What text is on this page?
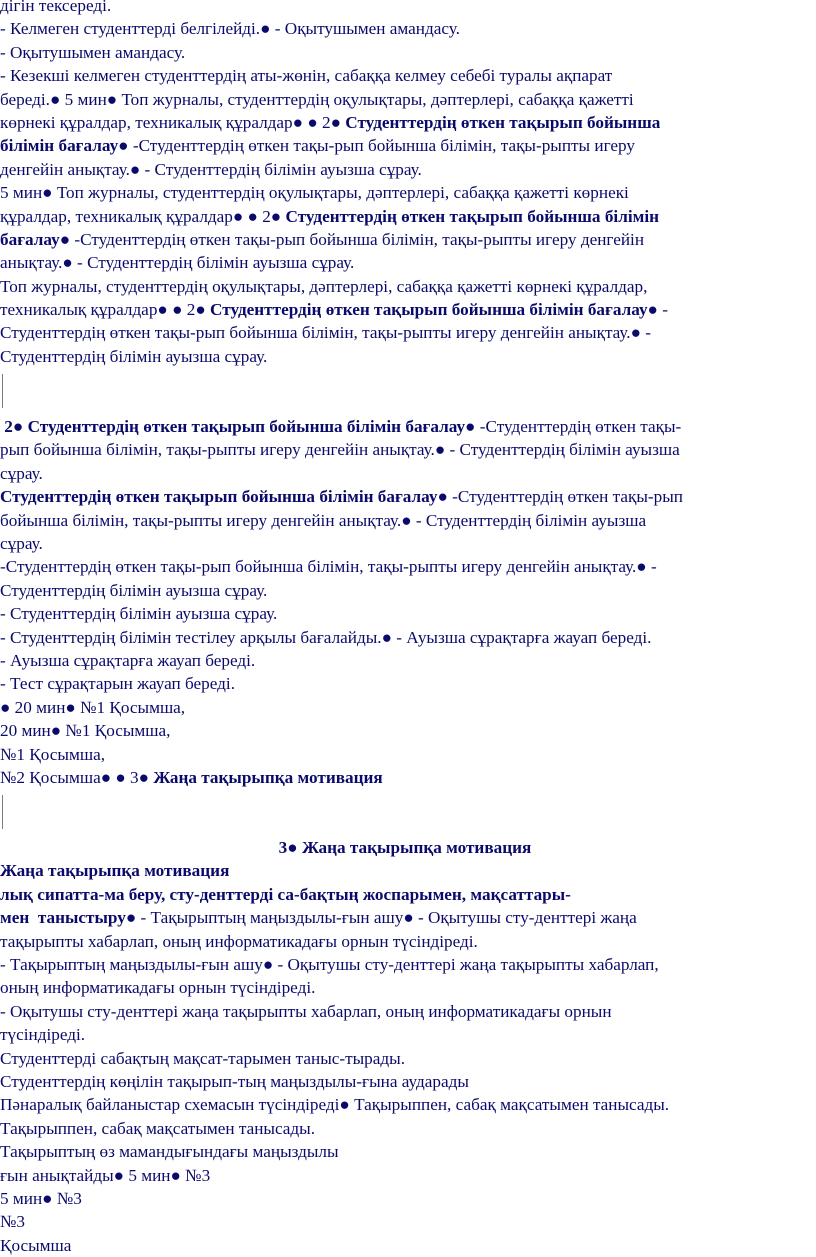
дігін тексереді.
- Келмеген студенттерді белгілейді.● - Оқытушымен амандасу.
- Оқытушымен амандасу.
- Кезекші келмеген студенттердің аты-жөнін, сабаққа келмеу себебі туралы ақпарат
береді.● 5 мин● Топ журналы, студенттердің оқулықтары, дәптерлері, сабаққа қажетті
көрнекі құралдар, техникалық құралдар● ● 2● Студенттердің өткен тақырып бойынша
білімін бағалау● -Студенттердің өткен тақы-рып бойынша білімін, тақы-рыпты игеру
денгейін анықтау.● - Студенттердің білімін ауызша сұрау.
5 мин● Топ журналы, студенттердің оқулықтары, дәптерлері, сабаққа қажетті көрнекі
құралдар, техникалық құралдар● ● 2● Студенттердің өткен тақырып бойынша білімін
бағалау● -Студенттердің өткен тақы-рып бойынша білімін, тақы-рыпты игеру денгейін
анықтау.● - Студенттердің білімін ауызша сұрау.
Топ журналы, студенттердің оқулықтары, дәптерлері, сабаққа қажетті көрнекі құралдар,
техникалық құралдар● ● 2● Студенттердің өткен тақырып бойынша білімін бағалау● -
Студенттердің өткен тақы-рып бойынша білімін, тақы-рыпты игеру денгейін анықтау.● -
Студенттердің білімін ауызша сұрау.
2● Студенттердің өткен тақырып бойынша білімін бағалау● -Студенттердің өткен тақы-
рып бойынша білімін, тақы-рыпты игеру денгейін анықтау.● - Студенттердің білімін ауызша
сұрау.
Студенттердің өткен тақырып бойынша білімін бағалау● -Студенттердің өткен тақы-рып
бойынша білімін, тақы-рыпты игеру денгейін анықтау.● - Студенттердің білімін ауызша
сұрау.
-Студенттердің өткен тақы-рып бойынша білімін, тақы-рыпты игеру денгейін анықтау.● -
Студенттердің білімін ауызша сұрау.
- Студенттердің білімін ауызша сұрау.
- Студенттердің білімін тестілеу арқылы бағалайды.● - Ауызша сұрақтарға жауап береді.
- Ауызша сұрақтарға жауап береді.
- Тест сұрақтарын жауап береді.
● 20 мин● №1 Қосымша,
20 мин● №1 Қосымша,
№1 Қосымша,
№2 Қосымша● ● 3● Жаңа тақырыпқа мотивация
3● Жаңа тақырыпқа мотивация
Жаңа тақырыпқа мотивация
лық сипатта-ма беру, сту-денттерді са-бақтың жоспарымен, мақсаттары-
мен  таныстыру● - Тақырыптың маңыздылы-ғын ашу● - Оқытушы сту-денттері жаңа
тақырыпты хабарлап, оның информатикадағы орнын түсіндіреді.
- Тақырыптың маңыздылы-ғын ашу● - Оқытушы сту-денттері жаңа тақырыпты хабарлап,
оның информатикадағы орнын түсіндіреді.
- Оқытушы сту-денттері жаңа тақырыпты хабарлап, оның информатикадағы орнын
түсіндіреді.
Студенттерді сабақтың мақсат-тарымен таныс-тырады.
Студенттердің көңілін тақырып-тың маңыздылы-ғына аударады
Пәнаралық байланыстар схемасын түсіндіреді● Тақырыппен, сабақ мақсатымен танысады.
Тақырыппен, сабақ мақсатымен танысады.
Тақырыптың өз мамандығындағы маңыздылы
ғын анықтайды● 5 мин● №3
5 мин● №3
№3
Қосымша
